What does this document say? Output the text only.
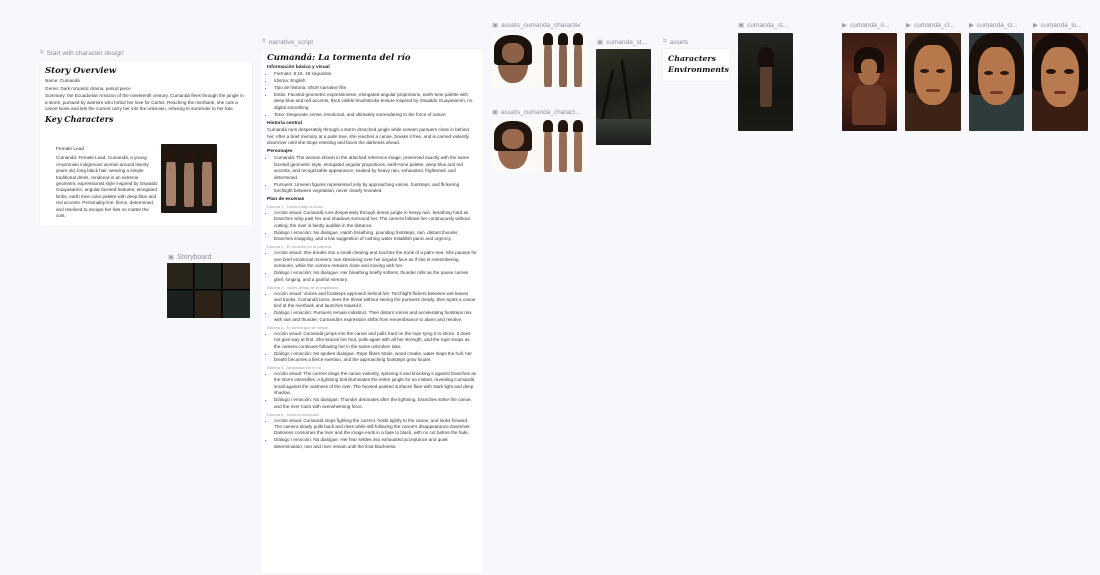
⌗ Start with character design
Story Overview

Name: Cumandá

Genre: Dark romantic drama, period piece

Summary: the Ecuadorian Amazon of the nineteenth century, Cumandá flees through the jungle in a storm, pursued by warriors who forbid her love for Carlos. Reaching the riverbank, she cuts a canoe loose and lets the current carry her into the unknown, refusing to surrender to her fate.

Key Characters

Female Lead

Cumandá: Female Lead, Cumandá, a young Amazonian indigenous woman around twenty years old, long black hair, wearing a simple traditional dress, rendered in an extreme geometric expressionist style inspired by Oswaldo Guayasamín, angular faceted features, elongated limbs, earth tone color palette with deep blue and red accents. Personality line: fierce, determined, and resolved to escape her fate no matter the cost.

▣ Storyboard
⌗ narrative_script
Cumandá: La tormenta del río
Información básica y visual
• Formato: 9:16, 48 segundos
• Idioma: English
• Tipo de historia: Short narrative film
• Estilo: Faceted geometric expressionism, elongated angular proportions, earth-tone palette with deep blue and red accents, thick visible brushstroke texture inspired by Oswaldo Guayasamín, no digital smoothing
• Tono: Desperate, tense, emotional, and ultimately surrendering to the force of nature
Historia central

Cumandá runs desperately through a storm-drenched jungle while unseen pursuers close in behind her. After a brief memory at a palm tree, she reaches a canoe, breaks it free, and is carried violently downriver until she stops resisting and faces the darkness ahead.

Personajes
• Cumandá: The woman shown in the attached reference image, preserved exactly with the same faceted geometric style, elongated angular proportions, earth-tone palette, deep blue and red accents, and recognizable appearance, soaked by heavy rain, exhausted, frightened, and determined.
• Pursuers: Unseen figures represented only by approaching voices, footsteps, and flickering torchlight between vegetation; never clearly revealed.
Plan de escenas
Escena 1 - Carrera bajo la lluvia
• Acción visual: Cumandá runs desperately through dense jungle in heavy rain, breathing hard as branches whip past her and shadows surround her. The camera follows her continuously without cutting; the river is faintly audible in the distance.
• Diálogo / emoción: No dialogue. Harsh breathing, pounding footsteps, rain, distant thunder, branches snapping, and a low suggestion of rushing water establish panic and urgency.
Escena 2 - El recuerdo en la palmera
• Acción visual: She breaks into a small clearing and touches the trunk of a palm tree. She pauses for one brief emotional moment, rain streaming over her angular face as if she is remembering someone, while the camera remains close and moving with her.
• Diálogo / emoción: No dialogue. Her breathing briefly softens; thunder rolls as the pause carries grief, longing, and a painful memory.
Escena 3 - Voces detrás de la vegetación
• Acción visual: Voices and footsteps approach behind her. Torchlight flickers between wet leaves and trunks. Cumandá turns, sees the threat without seeing the pursuers clearly, then spots a canoe tied at the riverbank and launches toward it.
• Diálogo / emoción: Pursuers remain indistinct. Their distant voices and accelerating footsteps mix with rain and thunder; Cumandá's expression shifts from remembrance to alarm and resolve.
Escena 4 - El control que se rompe
• Acción visual: Cumandá jumps into the canoe and pulls hard on the rope tying it to shore. It does not give way at first. She braces her foot, pulls again with all her strength, and the rope snaps as the camera continues following her in the same unbroken take.
• Diálogo / emoción: No spoken dialogue. Rope fibers strain, wood creaks, water slaps the hull, her breath becomes a fierce exertion, and the approaching footsteps grow louder.
Escena 5 - Arrastrada por el río
• Acción visual: The current drags the canoe violently, spinning it and knocking it against branches as the storm intensifies. A lightning bolt illuminates the entire jungle for an instant, revealing Cumandá small against the vastness of the river. The faceted painted surfaces flare with stark light and deep shadow.
• Diálogo / emoción: No dialogue. Thunder detonates after the lightning, branches strike the canoe, and the river roars with overwhelming force.
Escena 6 - Hacia lo oscuridad
• Acción visual: Cumandá stops fighting the current, holds tightly to the canoe, and looks forward. The camera slowly pulls back and rises while still following the canoe's disappearance downriver. Darkness consumes the river and the image ends in a fade to black, with no cut before the fade.
• Diálogo / emoción: No dialogue. Her fear settles into exhausted acceptance and quiet determination; rain and river remain until the final blackness.
▣ assets_cumanda_character
▣ assets_cumanda_charact...
▣ cumanda_st... ⌗ assets
Characters
Environments
▣ cumanda_st...	▶ cumanda_ri...	▶ cumanda_cl... ▶ cumanda_cl... ▶ cumanda_lo...
